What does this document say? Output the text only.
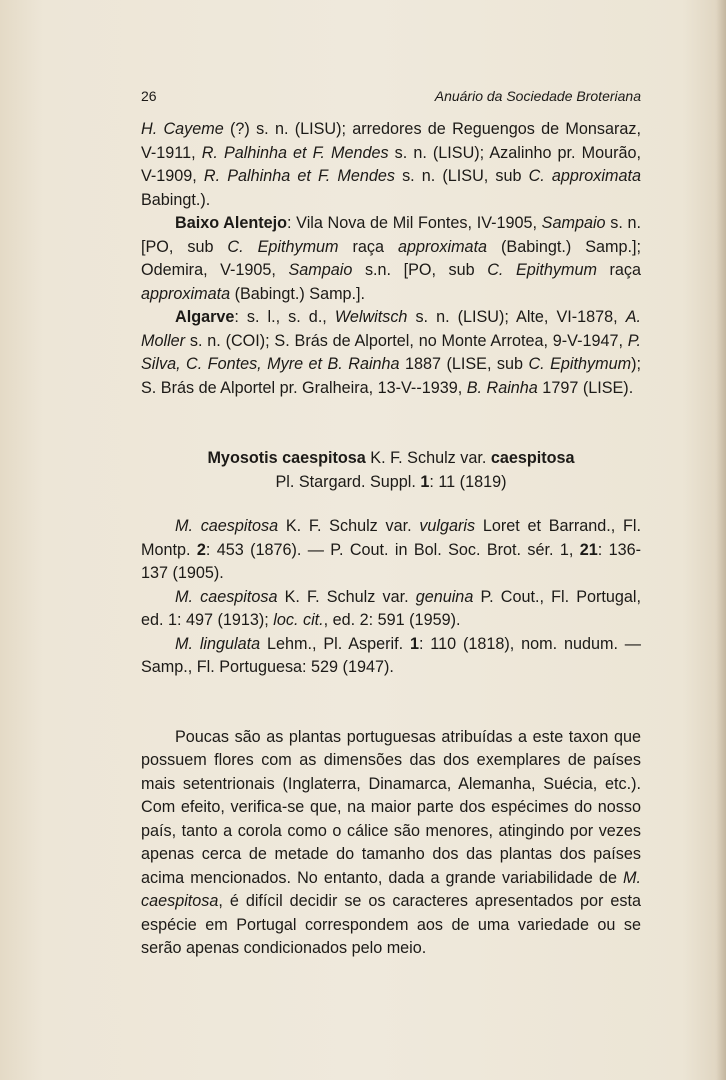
26	Anuário da Sociedade Broteriana

H. Cayeme (?) s. n. (LISU); arredores de Reguengos de Monsaraz, V-1911, R. Palhinha et F. Mendes s. n. (LISU); Azalinho pr. Mourão, V-1909, R. Palhinha et F. Mendes s. n. (LISU, sub C. approximata Babingt.).

Baixo Alentejo: Vila Nova de Mil Fontes, IV-1905, Sampaio s. n. [PO, sub C. Epithymum raça approximata (Babingt.) Samp.]; Odemira, V-1905, Sampaio s.n. [PO, sub C. Epithymum raça approximata (Babingt.) Samp.].

Algarve: s. l., s. d., Welwitsch s. n. (LISU); Alte, VI-1878, A. Moller s. n. (COI); S. Brás de Alportel, no Monte Arrotea, 9-V-1947, P. Silva, C. Fontes, Myre et B. Rainha 1887 (LISE, sub C. Epithymum); S. Brás de Alportel pr. Gralheira, 13-V--1939, B. Rainha 1797 (LISE).

Myosotis caespitosa K. F. Schulz var. caespitosa

Pl. Stargard. Suppl. 1: 11 (1819)

M. caespitosa K. F. Schulz var. vulgaris Loret et Barrand., Fl. Montp. 2: 453 (1876). — P. Cout. in Bol. Soc. Brot. sér. 1, 21: 136-137 (1905).

M. caespitosa K. F. Schulz var. genuina P. Cout., Fl. Portugal, ed. 1: 497 (1913); loc. cit., ed. 2: 591 (1959).

M. lingulata Lehm., Pl. Asperif. 1: 110 (1818), nom. nudum. — Samp., Fl. Portuguesa: 529 (1947).

Poucas são as plantas portuguesas atribuídas a este taxon que possuem flores com as dimensões das dos exemplares de países mais setentrionais (Inglaterra, Dinamarca, Alemanha, Suécia, etc.). Com efeito, verifica-se que, na maior parte dos espécimes do nosso país, tanto a corola como o cálice são menores, atingindo por vezes apenas cerca de metade do tamanho dos das plantas dos países acima mencionados. No entanto, dada a grande variabilidade de M. caespitosa, é difícil decidir se os caracteres apresentados por esta espécie em Portugal correspondem aos de uma variedade ou se serão apenas condicionados pelo meio.
